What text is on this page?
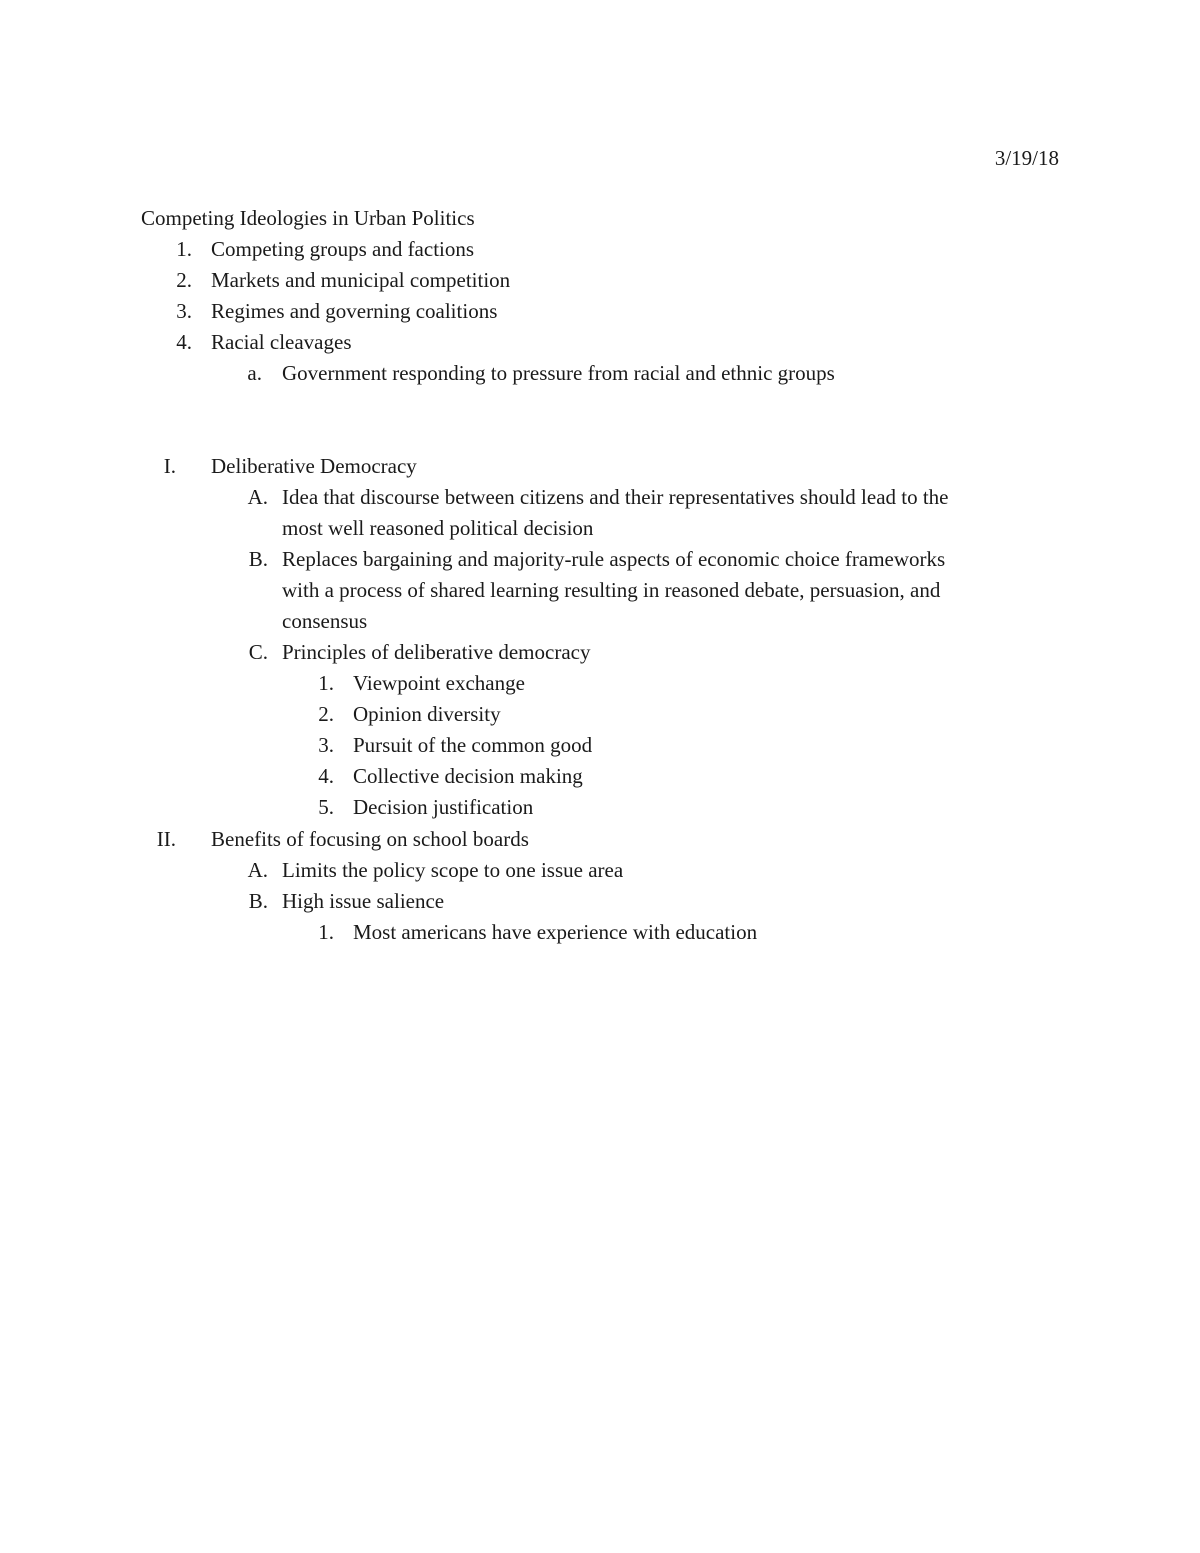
3/19/18
Competing Ideologies in Urban Politics
1. Competing groups and factions
2. Markets and municipal competition
3. Regimes and governing coalitions
4. Racial cleavages
a. Government responding to pressure from racial and ethnic groups
I. Deliberative Democracy
A. Idea that discourse between citizens and their representatives should lead to the
most well reasoned political decision
B. Replaces bargaining and majority-rule aspects of economic choice frameworks
with a process of shared learning resulting in reasoned debate, persuasion, and
consensus
C. Principles of deliberative democracy
1. Viewpoint exchange
2. Opinion diversity
3. Pursuit of the common good
4. Collective decision making
5. Decision justification
II. Benefits of focusing on school boards
A. Limits the policy scope to one issue area
B. High issue salience
1. Most americans have experience with education
